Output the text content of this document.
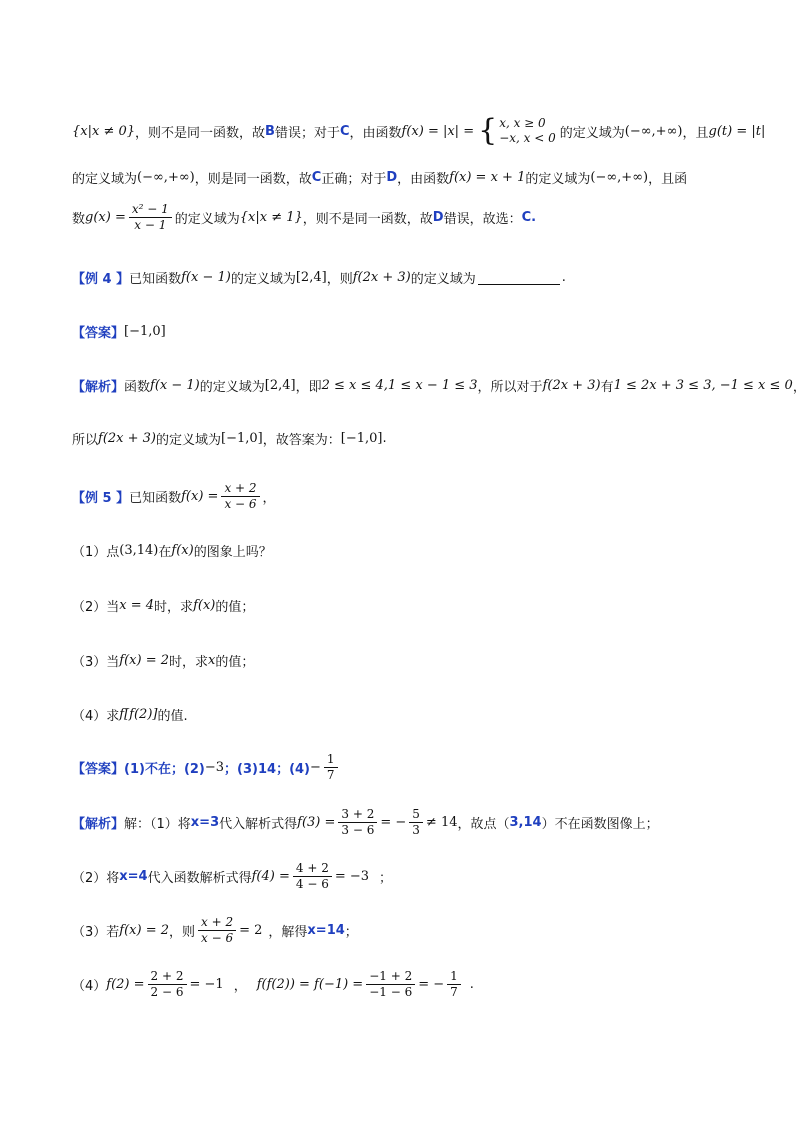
{x|x ≠ 0} ，则不是同一函数，故 B 错误；对于 C ，由函数 f(x) = |x| = { x, x ≥ 0
−x, x < 0 的定义域为 (−∞,+∞) ，且 g(t) = |t|
的定义域为 (−∞,+∞) ，则是同一函数，故 C 正确；对于 D ，由函数 f(x) = x + 1 的定义域为 (−∞,+∞) ，且函
数 $g(x) = \frac{\text{x² − 1}}{x - 1}$ 的定义域为 {x|x ≠ 1} ，则不是同一函数，故 D 错误，故选： C.
【例 4 】 已知函数 f(x − 1) 的定义域为 [2,4] ，则 f(2x + 3) 的定义域为	.
【答案】 [−1,0]
【解析】 函数 f(x − 1) 的定义域为 [2,4] ，即 2 ≤ x ≤ 4,1 ≤ x − 1 ≤ 3 ，所以对于 f(2x + 3) 有 1 ≤ 2x + 3 ≤ 3, −1 ≤ x ≤ 0 ，
所以 f(2x + 3) 的定义域为 [−1,0] ，故答案为： [−1,0] .
【例 5 】 已知函数 $f(x) = \frac{x + 2}{x - 6}$ ，
（1）点 (3,14) 在 f(x) 的图象上吗？
（2）当 x = 4 时，求 f(x) 的值；
（3）当 f(x) = 2 时，求 x 的值；
（4）求 f[f(2)] 的值.
【答案】 (1)不在；(2) −3 ；(3)14；$(4) - \frac{1}{7}$
【解析】 解：（1）将 x=3 代入解析式得 $f(3) = \frac{3 + 2}{3 - 6}$ = − $\frac{5}{3} \ne 14$ ，故点（ 3,14 ）不在函数图像上；
（2）将 x=4 代入函数解析式得 $f(4) = \frac{4 + 2}{4 - 6} = -3$ ；
（3）若 f(x) = 2 ，则 $\frac{x + 2}{x - 6} = 2$ ，解得 x=14 ；
（4） $f(2) = \frac{2 + 2}{2 - 6} = -1$ ， $f(f(2)) = f(-1) = \frac{-1 + 2}{-1 - 6}$ = − $\frac{1}{7}$ .
